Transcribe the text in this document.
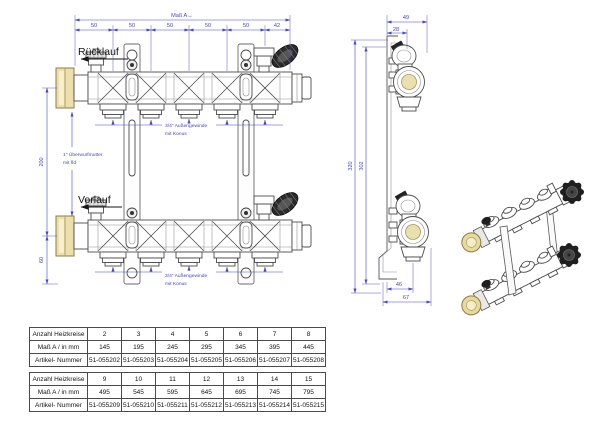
Rücklauf
Vorlauf
Maß A↔
50	50	50	50	50	42
200
60
1" Überwurfmutter
mit fld
3/4" Außengewinde
mit Konus
3/4" Außengewinde
mit Konus
49
28
320 302
46
67
Anzahl Heizkreise	2	3	4	5	6	7	8
Maß A / in mm	145	195	245	295	345	395	445
Artikel- Nummer	51-055202	51-055203	51-055204	51-055205	51-055206	51-055207	51-055208
Anzahl Heizkreise	9	10	11	12	13	14	15
Maß A / in mm	495	545	595	645	695	745	795
Artikel- Nummer	51-055209	51-055210	51-055211	51-055212	51-055213	51-055214	51-055215
